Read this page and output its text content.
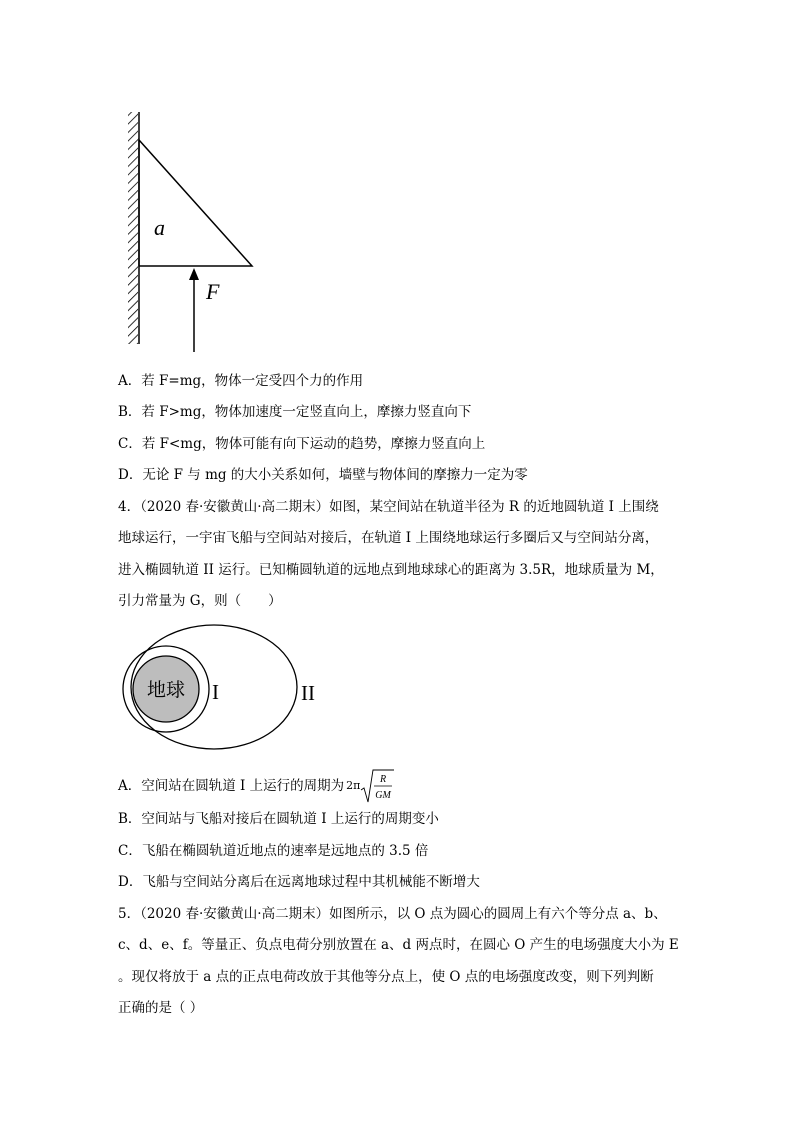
a
F
A．若 F=mg，物体一定受四个力的作用
B．若 F>mg，物体加速度一定竖直向上，摩擦力竖直向下
C．若 F<mg，物体可能有向下运动的趋势，摩擦力竖直向上
D．无论 F 与 mg 的大小关系如何，墙壁与物体间的摩擦力一定为零
4．（2020 春·安徽黄山·高二期末）如图，某空间站在轨道半径为 R 的近地圆轨道 I 上围绕
地球运行，一宇宙飞船与空间站对接后，在轨道 I 上围绕地球运行多圈后又与空间站分离，
进入椭圆轨道 II 运行。已知椭圆轨道的远地点到地球球心的距离为 3.5R，地球质量为 M，
引力常量为 G，则（　　）
地球 I	II
A．空间站在圆轨道 I 上运行的周期为 2π R
GM
B．空间站与飞船对接后在圆轨道 I 上运行的周期变小
C．飞船在椭圆轨道近地点的速率是远地点的 3.5 倍
D．飞船与空间站分离后在远离地球过程中其机械能不断增大
5．（2020 春·安徽黄山·高二期末）如图所示，以 O 点为圆心的圆周上有六个等分点 a、b、
c、d、e、f。等量正、负点电荷分别放置在 a、d 两点时，在圆心 O 产生的电场强度大小为 E
。现仅将放于 a 点的正点电荷改放于其他等分点上，使 O 点的电场强度改变，则下列判断
正确的是（ ）
